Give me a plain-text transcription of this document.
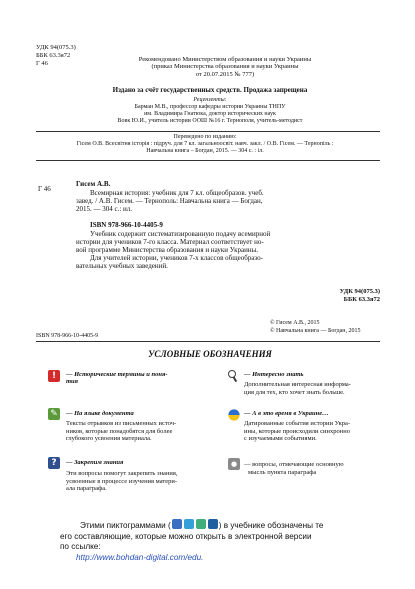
УДК 94(075.3)
ББК 63.3я72
Г 46
Рекомендовано Министерством образования и науки Украины
(приказ Министерства образования и науки Украины
от 20.07.2015 № 777)
Издано за счёт государственных средств. Продажа запрещена
Рецензенты:
Барман М.В., профессор кафедры истории Украины ТНПУ
им. Владимира Гнатюка, доктор исторических наук
Вовк Ю.И., учитель истории ООШ №16 г. Тернополя, учитель-методист
Переведено по изданию:
Гісем О.В. Всесвітня історія : підруч. для 7 кл. загальноосвіт. навч. закл. / О.В. Гісем. — Тернопіль :
Навчальна книга – Богдан, 2015. — 304 с. : іл.
Г 46
Гисем А.В.
Всемирная история: учебник для 7 кл. общеобразов. учеб.
завед. / А.В. Гисем. — Тернополь: Навчальна книга — Богдан,
2015. — 304 с.: ил.
ISBN 978-966-10-4405-9
Учебник содержит систематизированную подачу всемирной
истории для учеников 7-го класса. Материал соответствует но-
вой программе Министерства образования и науки Украины.
Для учителей истории, учеников 7-х классов общеобразо-
вательных учебных заведений.
УДК 94(075.3)
ББК 63.3я72
© Гисем А.В., 2015
© Навчальна книга — Богдан, 2015
ISBN 978-966-10-4405-9
УСЛОВНЫЕ ОБОЗНАЧЕНИЯ
!	— Исторические термины и поня-
тия
✎	— На языке документа
Тексты отрывков из письменных источ-
ников, которые понадобятся для более
глубокого усвоения материала.
?	— Закрепим знания
Эти вопросы помогут закрепить знания,
усвоенные в процессе изучения матери-
ала параграфа.
— Интересно знать
Дополнительная интересная информа-
ция для тех, кто хочет знать больше.
— А в это время в Украине…
Датированные события истории Укра-
ины, которые происходили синхронно
с изучаемыми событиями.
●	— вопросы, отмечающие основную
мысль пункта параграфа
Этими пиктограммами (	) в учебнике обозначены те
его составляющие, которые можно открыть в электронной версии
по ссылке:
http://www.bohdan-digital.com/edu.
